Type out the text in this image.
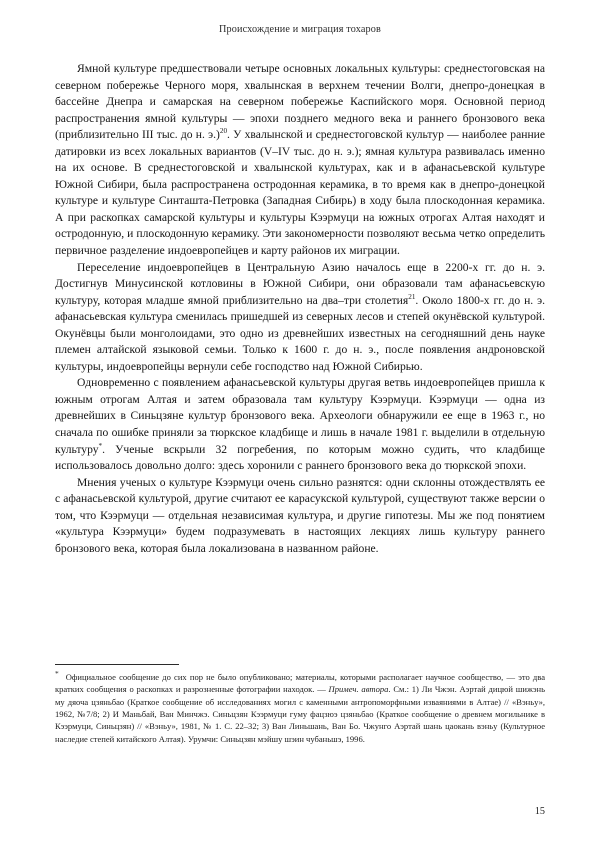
Происхождение и миграция тохаров

Ямной культуре предшествовали четыре основных локальных культуры: среднестоговская на северном побережье Черного моря, хвалынская в верхнем течении Волги, днепро-донецкая в бассейне Днепра и самарская на северном побережье Каспийского моря. Основной период распространения ямной культуры — эпохи позднего медного века и раннего бронзового века (приблизительно III тыс. до н. э.)$^{20}$. У хвалынской и среднестоговской культур — наиболее ранние датировки из всех локальных вариантов (V–IV тыс. до н. э.); ямная культура развивалась именно на их основе. В среднестоговской и хвалынской культурах, как и в афанасьевской культуре Южной Сибири, была распространена остродонная керамика, в то время как в днепро-донецкой культуре и культуре Синташта-Петровка (Западная Сибирь) в ходу была плоскодонная керамика. А при раскопках самарской культуры и культуры Кээрмуци на южных отрогах Алтая находят и остродонную, и плоскодонную керамику. Эти закономерности позволяют весьма четко определить первичное разделение индоевропейцев и карту районов их миграции.

Переселение индоевропейцев в Центральную Азию началось еще в 2200-х гг. до н. э. Достигнув Минусинской котловины в Южной Сибири, они образовали там афанасьевскую культуру, которая младше ямной приблизительно на два–три столетия$^{21}$. Около 1800-х гг. до н. э. афанасьевская культура сменилась пришедшей из северных лесов и степей окунёвской культурой. Окунёвцы были монголоидами, это одно из древнейших известных на сегодняшний день науке племен алтайской языковой семьи. Только к 1600 г. до н. э., после появления андроновской культуры, индоевропейцы вернули себе господство над Южной Сибирью.

Одновременно с появлением афанасьевской культуры другая ветвь индоевропейцев пришла к южным отрогам Алтая и затем образовала там культуру Кээрмуци. Кээрмуци — одна из древнейших в Синьцзяне культур бронзового века. Археологи обнаружили ее еще в 1963 г., но сначала по ошибке приняли за тюркское кладбище и лишь в начале 1981 г. выделили в отдельную культуру*. Ученые вскрыли 32 погребения, по которым можно судить, что кладбище использовалось довольно долго: здесь хоронили с раннего бронзового века до тюркской эпохи.

Мнения ученых о культуре Кээрмуци очень сильно разнятся: одни склонны отождествлять ее с афанасьевской культурой, другие считают ее карасукской культурой, существуют также версии о том, что Кээрмуци — отдельная независимая культура, и другие гипотезы. Мы же под понятием «культура Кээрмуци» будем подразумевать в настоящих лекциях лишь культуру раннего бронзового века, которая была локализована в названном районе.

* Официальное сообщение до сих пор не было опубликовано; материалы, которыми располагает научное сообщество, — это два кратких сообщения о раскопках и разрозненные фотографии находок. — Примеч. автора. См.: 1) Ли Чжэн. Аэртай дицюй шижэнь му дяоча цзяньбао (Краткое сообщение об исследованиях могил с каменными антропоморфными изваяниями в Алтае) // «Вэньу», 1962, №7/8; 2) И Маньбай, Ван Минчжэ. Синьцзян Кээрмуци гуму фацзюэ цзяньбао (Краткое сообщение о древнем могильнике в Кээрмуци, Синьцзян) // «Вэньу», 1981, № 1. С. 22–32; 3) Ван Линьшань, Ван Бо. Чжунго Аэртай шань цаокань вэньу (Культурное наследие степей китайского Алтая). Урумчи: Синьцзян мэйшу шэин чубаньшэ, 1996.

15
